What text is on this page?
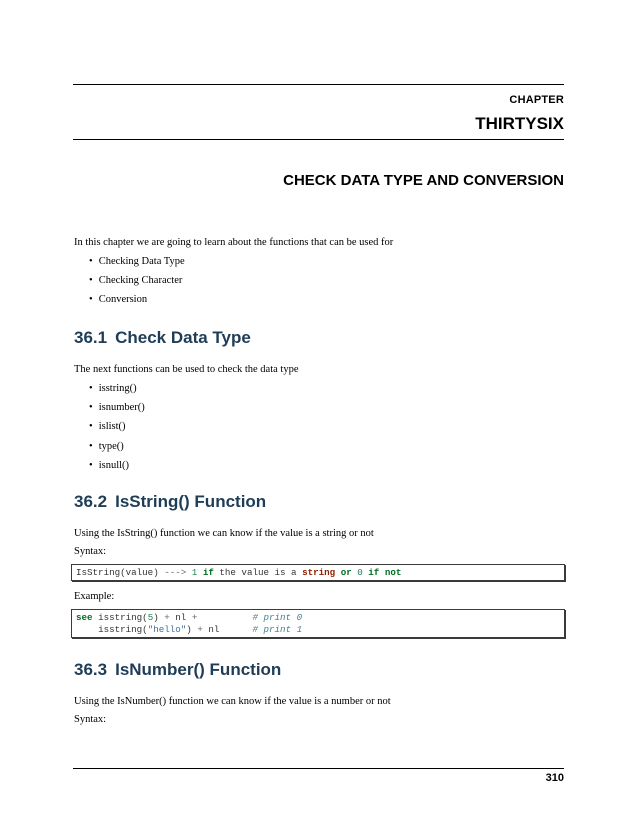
CHAPTER
THIRTYSIX
CHECK DATA TYPE AND CONVERSION
In this chapter we are going to learn about the functions that can be used for
• Checking Data Type
• Checking Character
• Conversion
36.1 Check Data Type
The next functions can be used to check the data type
• isstring()
• isnumber()
• islist()
• type()
• isnull()
36.2 IsString() Function
Using the IsString() function we can know if the value is a string or not
Syntax:
IsString(value) ---> 1 if the value is a string or 0 if not
Example:
see isstring(5) + nl +	# print 0
isstring("hello") + nl	# print 1
36.3 IsNumber() Function
Using the IsNumber() function we can know if the value is a number or not
Syntax:
310
